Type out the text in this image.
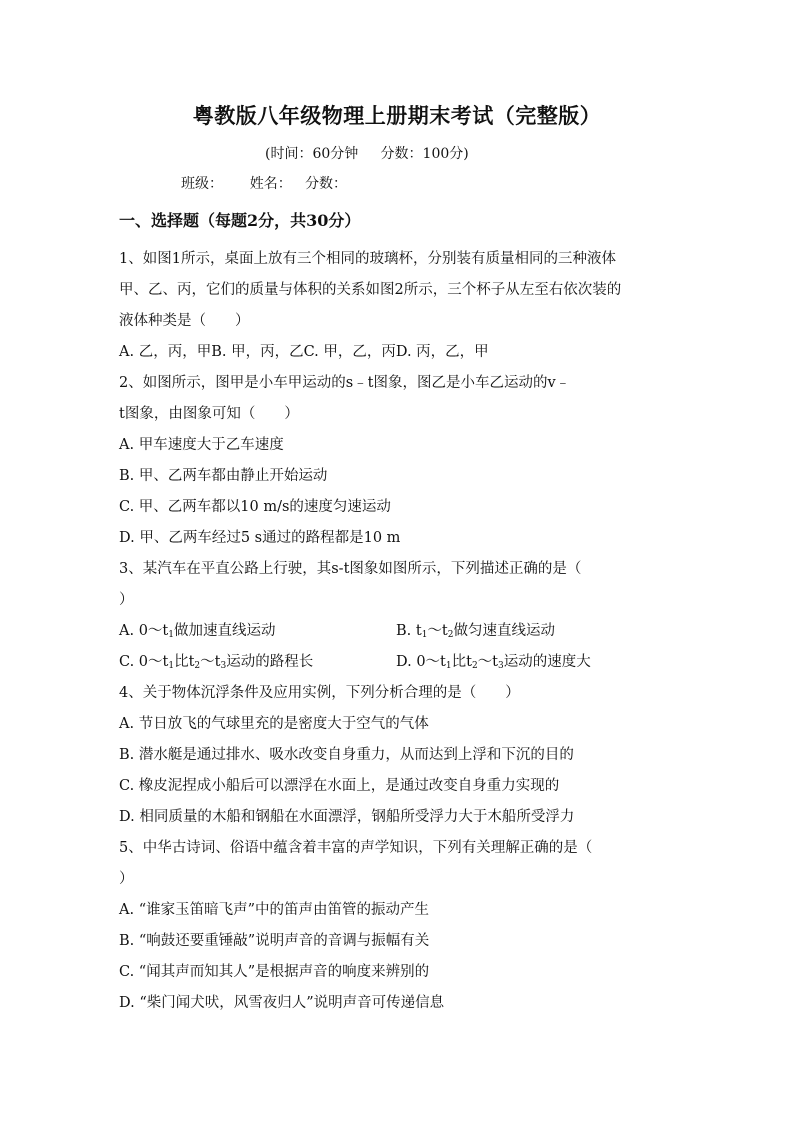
粤教版八年级物理上册期末考试（完整版）
(时间：60分钟 分数：100分)
班级： 姓名： 分数：
一、选择题（每题2分，共30分）
1、如图1所示，桌面上放有三个相同的玻璃杯，分别装有质量相同的三种液体
甲、乙、丙，它们的质量与体积的关系如图2所示，三个杯子从左至右依次装的
液体种类是（　　）
A. 乙，丙，甲B. 甲，丙，乙C. 甲，乙，丙D. 丙，乙，甲
2、如图所示，图甲是小车甲运动的s﹣t图象，图乙是小车乙运动的v﹣
t图象，由图象可知（　　）
A. 甲车速度大于乙车速度
B. 甲、乙两车都由静止开始运动
C. 甲、乙两车都以10 m/s的速度匀速运动
D. 甲、乙两车经过5 s通过的路程都是10 m
3、某汽车在平直公路上行驶，其s-t图象如图所示，下列描述正确的是（
）
A. $0\sim t_1$做加速直线运动	B. $t_1\sim t_2$做匀速直线运动
C. $0\sim t_1$比$t_2\sim t_3$运动的路程长	D. $0\sim t_1$比$t_2\sim t_3$运动的速度大
4、关于物体沉浮条件及应用实例，下列分析合理的是（　　）
A. 节日放飞的气球里充的是密度大于空气的气体
B. 潜水艇是通过排水、吸水改变自身重力，从而达到上浮和下沉的目的
C. 橡皮泥捏成小船后可以漂浮在水面上，是通过改变自身重力实现的
D. 相同质量的木船和钢船在水面漂浮，钢船所受浮力大于木船所受浮力
5、中华古诗词、俗语中蕴含着丰富的声学知识，下列有关理解正确的是（
）
A. “谁家玉笛暗飞声”中的笛声由笛管的振动产生
B. “响鼓还要重锤敲”说明声音的音调与振幅有关
C. “闻其声而知其人”是根据声音的响度来辨别的
D. “柴门闻犬吠，风雪夜归人”说明声音可传递信息
